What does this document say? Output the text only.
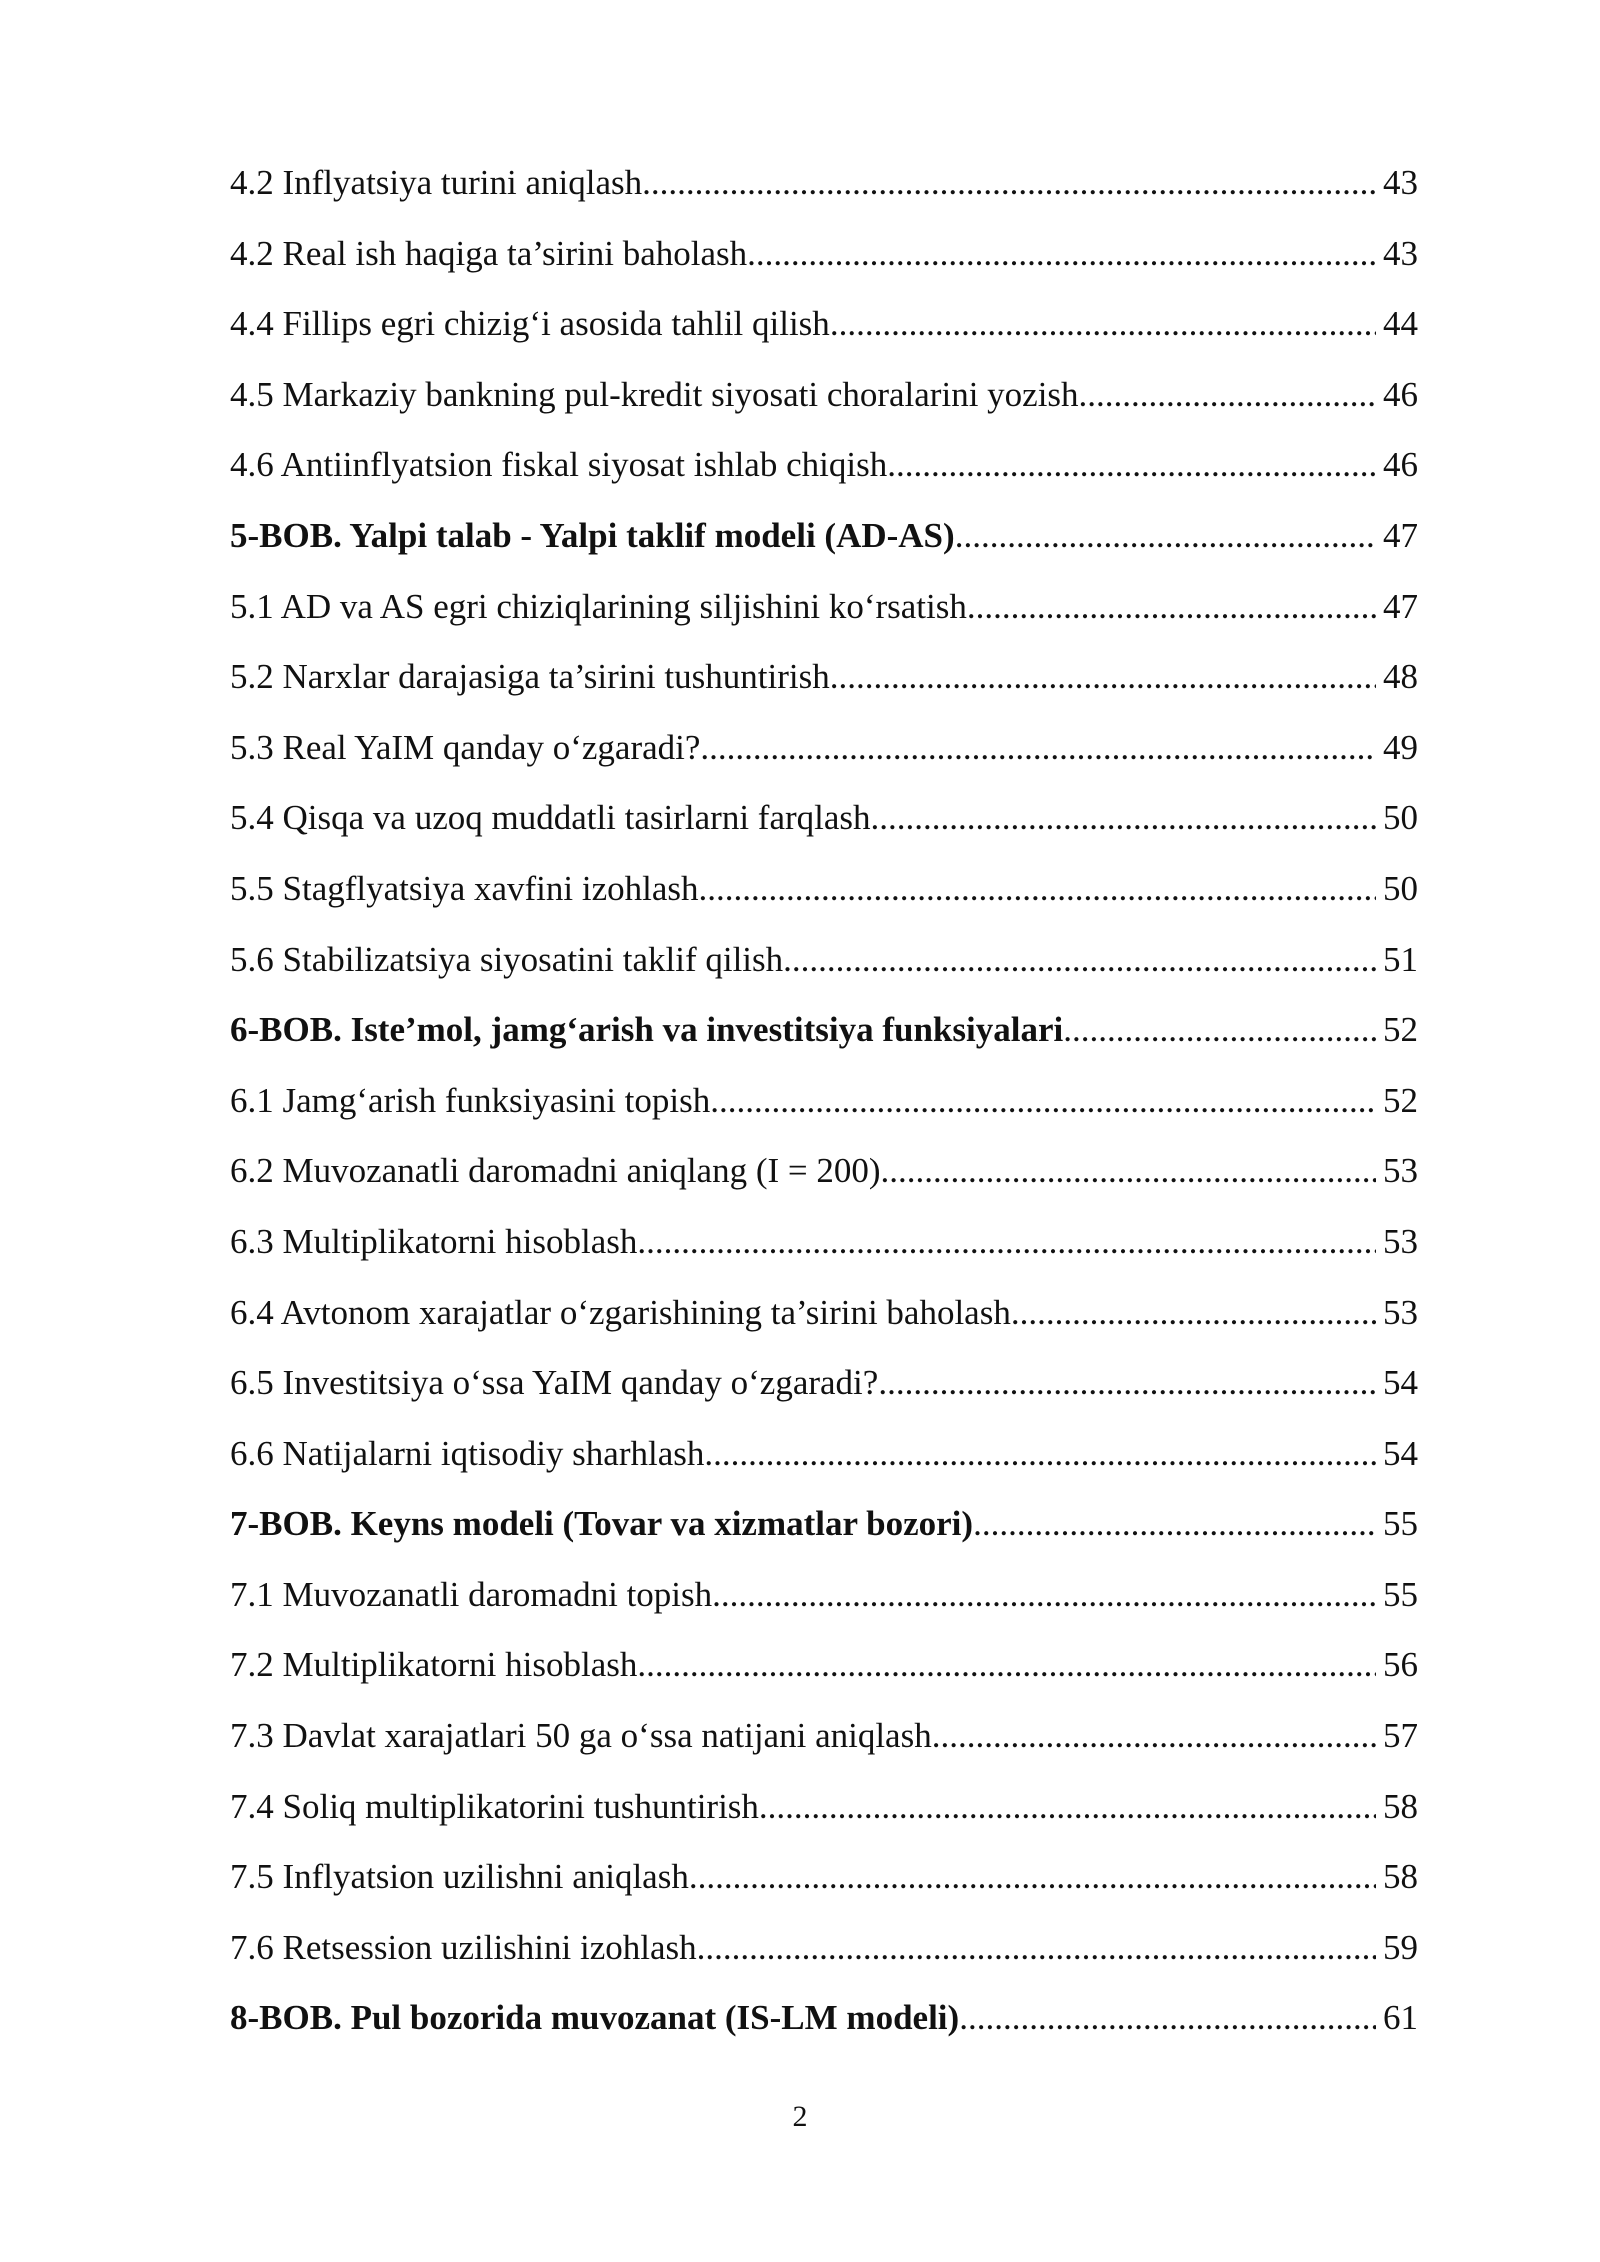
4.2 Inflyatsiya turini aniqlash .....	43
4.2 Real ish haqiga ta’sirini baholash .....	43
4.4 Fillips egri chizig‘i asosida tahlil qilish .....	44
4.5 Markaziy bankning pul-kredit siyosati choralarini yozish .....	46
4.6 Antiinflyatsion fiskal siyosat ishlab chiqish .....	46
5-BOB. Yalpi talab - Yalpi taklif modeli (AD-AS) .....	47
5.1 AD va AS egri chiziqlarining siljishini ko‘rsatish .....	47
5.2 Narxlar darajasiga ta’sirini tushuntirish .....	48
5.3 Real YaIM qanday o‘zgaradi? .....	49
5.4 Qisqa va uzoq muddatli tasirlarni farqlash .....	50
5.5 Stagflyatsiya xavfini izohlash .....	50
5.6 Stabilizatsiya siyosatini taklif qilish .....	51
6-BOB. Iste’mol, jamg‘arish va investitsiya funksiyalari .....	52
6.1 Jamg‘arish funksiyasini topish .....	52
6.2 Muvozanatli daromadni aniqlang (I = 200) .....	53
6.3 Multiplikatorni hisoblash .....	53
6.4 Avtonom xarajatlar o‘zgarishining ta’sirini baholash .....	53
6.5 Investitsiya o‘ssa YaIM qanday o‘zgaradi? .....	54
6.6 Natijalarni iqtisodiy sharhlash .....	54
7-BOB. Keyns modeli (Tovar va xizmatlar bozori) .....	55
7.1 Muvozanatli daromadni topish .....	55
7.2 Multiplikatorni hisoblash .....	56
7.3 Davlat xarajatlari 50 ga o‘ssa natijani aniqlash .....	57
7.4 Soliq multiplikatorini tushuntirish .....	58
7.5 Inflyatsion uzilishni aniqlash .....	58
7.6 Retsession uzilishini izohlash .....	59
8-BOB. Pul bozorida muvozanat (IS-LM modeli) .....	61
2
